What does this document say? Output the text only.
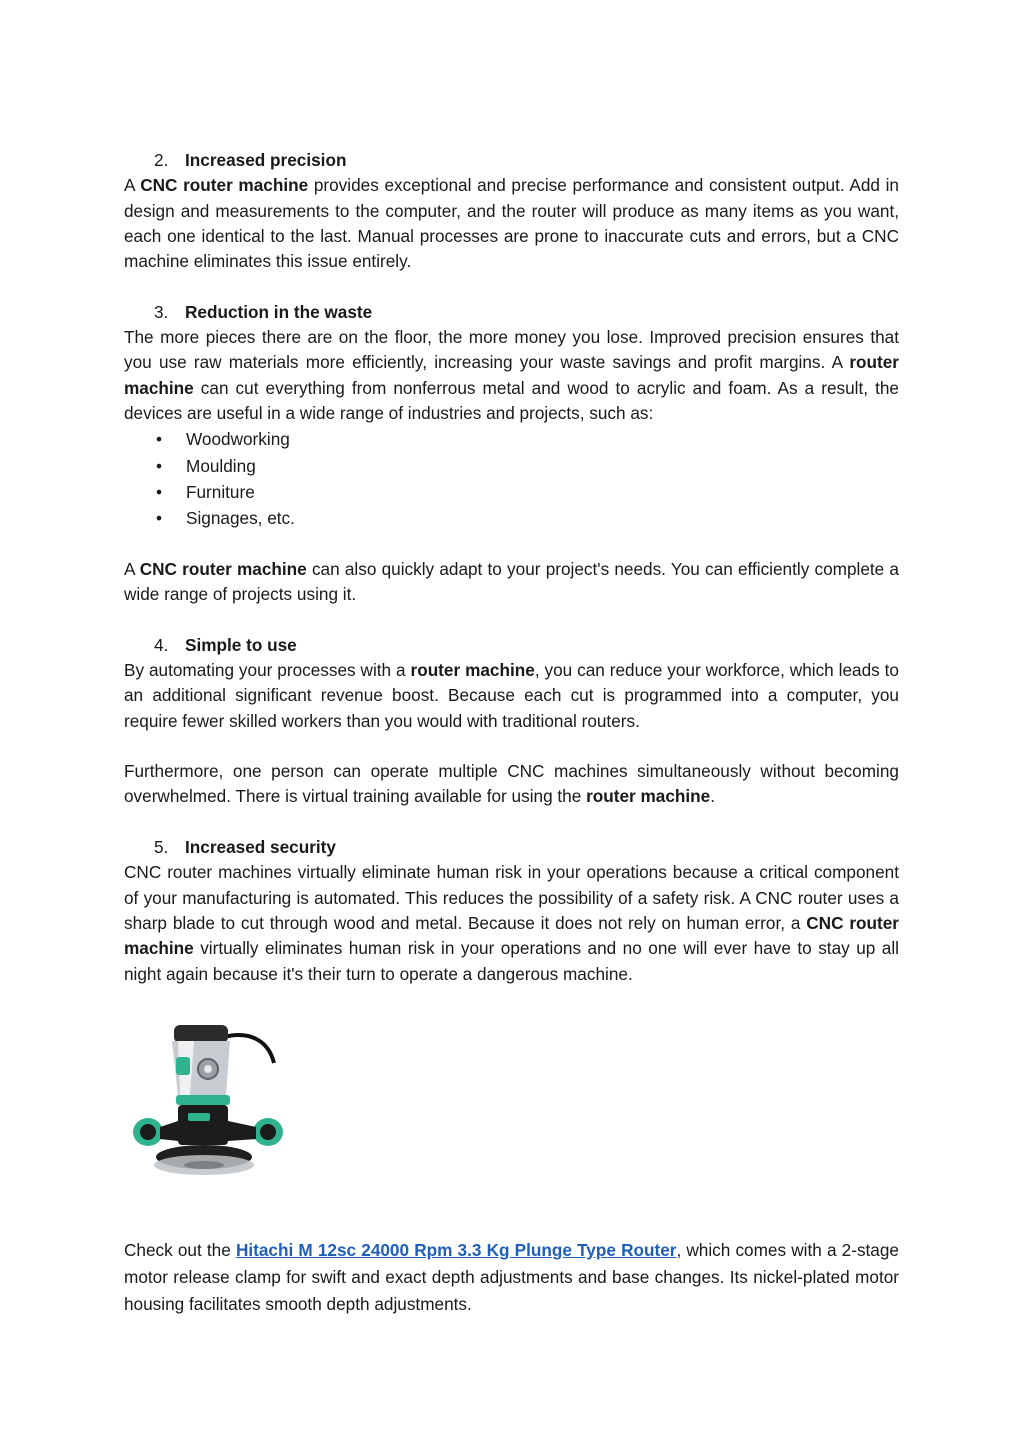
2. Increased precision

A CNC router machine provides exceptional and precise performance and consistent output. Add in design and measurements to the computer, and the router will produce as many items as you want, each one identical to the last. Manual processes are prone to inaccurate cuts and errors, but a CNC machine eliminates this issue entirely.

3. Reduction in the waste

The more pieces there are on the floor, the more money you lose. Improved precision ensures that you use raw materials more efficiently, increasing your waste savings and profit margins. A router machine can cut everything from nonferrous metal and wood to acrylic and foam. As a result, the devices are useful in a wide range of industries and projects, such as:

• Woodworking
• Moulding
• Furniture
• Signages, etc.

A CNC router machine can also quickly adapt to your project's needs. You can efficiently complete a wide range of projects using it.

4. Simple to use

By automating your processes with a router machine, you can reduce your workforce, which leads to an additional significant revenue boost. Because each cut is programmed into a computer, you require fewer skilled workers than you would with traditional routers.

Furthermore, one person can operate multiple CNC machines simultaneously without becoming overwhelmed. There is virtual training available for using the router machine.

5. Increased security

CNC router machines virtually eliminate human risk in your operations because a critical component of your manufacturing is automated. This reduces the possibility of a safety risk. A CNC router uses a sharp blade to cut through wood and metal. Because it does not rely on human error, a CNC router machine virtually eliminates human risk in your operations and no one will ever have to stay up all night again because it's their turn to operate a dangerous machine.

Check out the Hitachi M 12sc 24000 Rpm 3.3 Kg Plunge Type Router, which comes with a 2-stage motor release clamp for swift and exact depth adjustments and base changes. Its nickel-plated motor housing facilitates smooth depth adjustments.
